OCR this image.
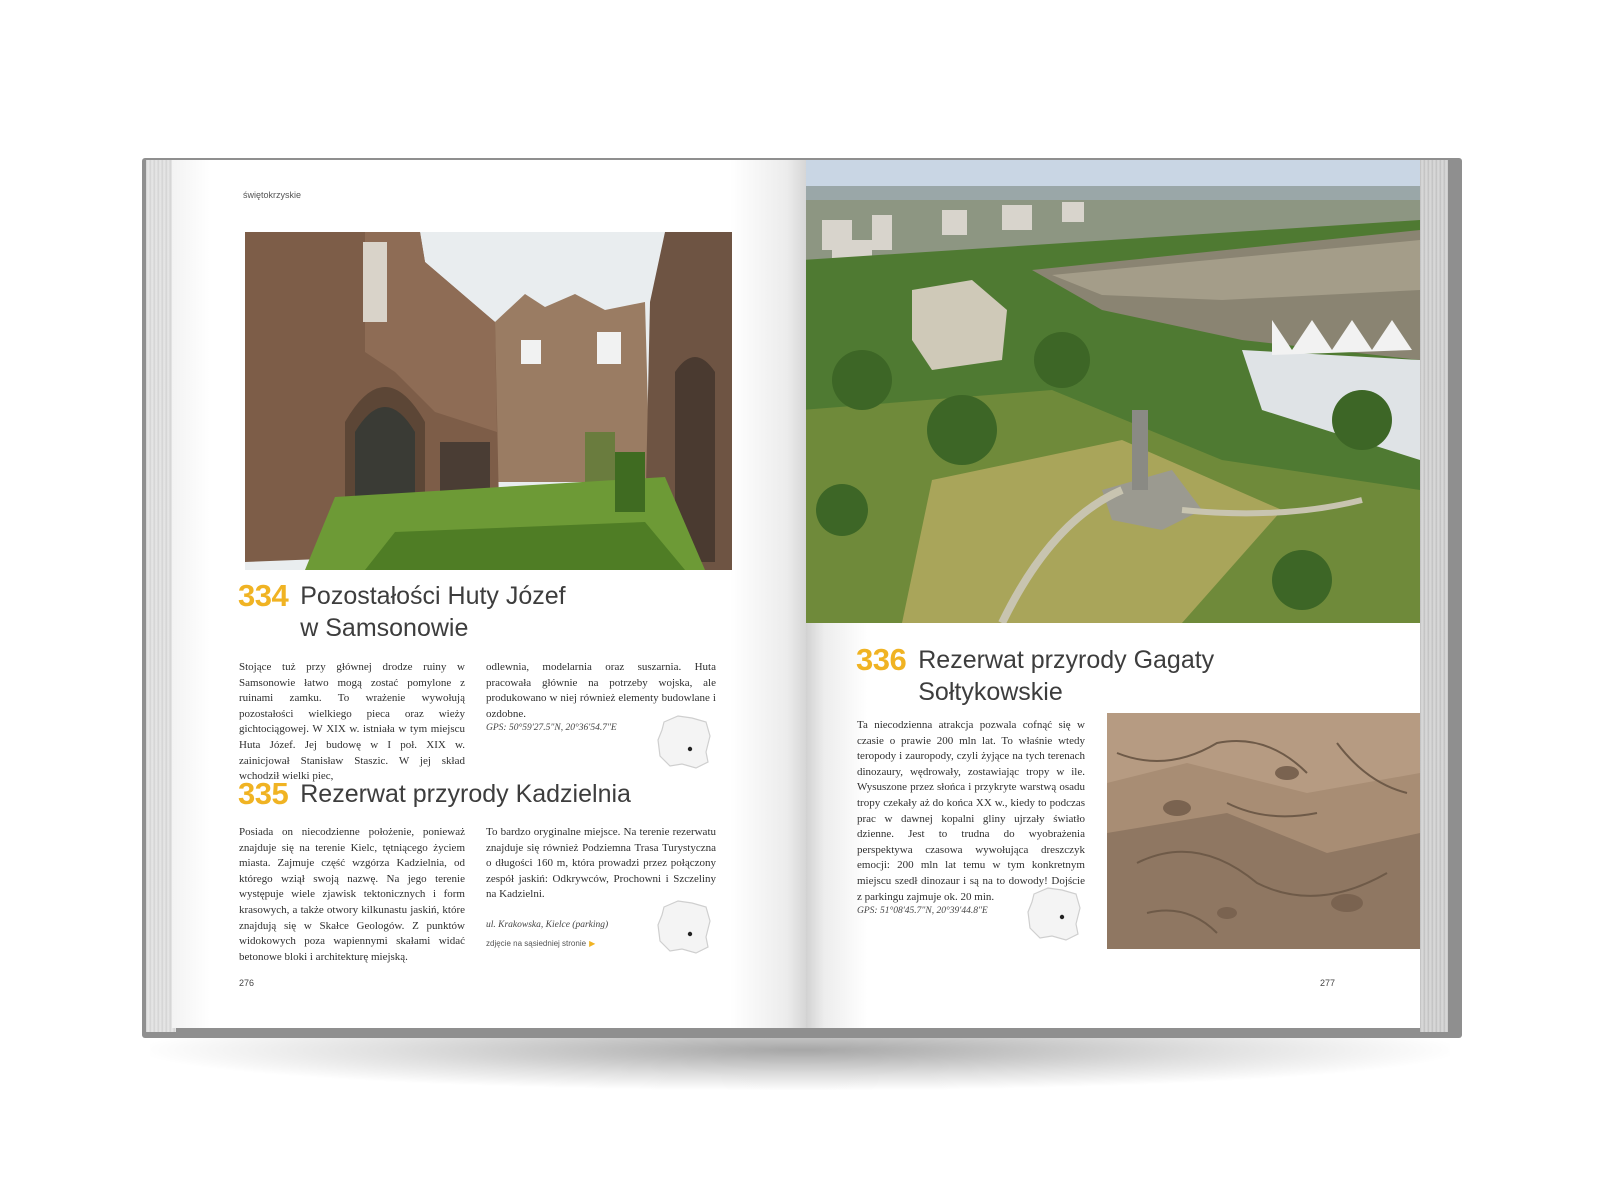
świętokrzyskie
334 Pozostałości Huty Józef
w Samsonowie
Stojące tuż przy głównej drodze ruiny w Samsonowie łatwo mogą zostać pomylone z ruinami zamku. To wrażenie wywołują pozostałości wielkiego pieca oraz wieży gichtociągowej. W XIX w. istniała w tym miejscu Huta Józef. Jej budowę w I poł. XIX w. zainicjował Stanisław Staszic. W jej skład wchodził wielki piec,
odlewnia, modelarnia oraz suszarnia. Huta pracowała głównie na potrzeby wojska, ale produkowano w niej również elementy budowlane i ozdobne.
GPS: 50°59'27.5"N, 20°36'54.7"E
335 Rezerwat przyrody Kadzielnia
Posiada on niecodzienne położenie, ponieważ znajduje się na terenie Kielc, tętniącego życiem miasta. Zajmuje część wzgórza Kadzielnia, od którego wziął swoją nazwę. Na jego terenie występuje wiele zjawisk tektonicznych i form krasowych, a także otwory kilkunastu jaskiń, które znajdują się w Skałce Geologów. Z punktów widokowych poza wapiennymi skałami widać betonowe bloki i architekturę miejską.
To bardzo oryginalne miejsce. Na terenie rezerwatu znajduje się również Podziemna Trasa Turystyczna o długości 160 m, która prowadzi przez połączony zespół jaskiń: Odkrywców, Prochowni i Szczeliny na Kadzielni.
ul. Krakowska, Kielce (parking)
zdjęcie na sąsiedniej stronie ▶
276
336 Rezerwat przyrody Gagaty
Sołtykowskie
Ta niecodzienna atrakcja pozwala cofnąć się w czasie o prawie 200 mln lat. To właśnie wtedy teropody i zauropody, czyli żyjące na tych terenach dinozaury, wędrowały, zostawiając tropy w ile. Wysuszone przez słońca i przykryte warstwą osadu tropy czekały aż do końca XX w., kiedy to podczas prac w dawnej kopalni gliny ujrzały światło dzienne. Jest to trudna do wyobrażenia perspektywa czasowa wywołująca dreszczyk emocji: 200 mln lat temu w tym konkretnym miejscu szedł dinozaur i są na to dowody! Dojście z parkingu zajmuje ok. 20 min.
GPS: 51°08'45.7"N, 20°39'44.8"E
277
